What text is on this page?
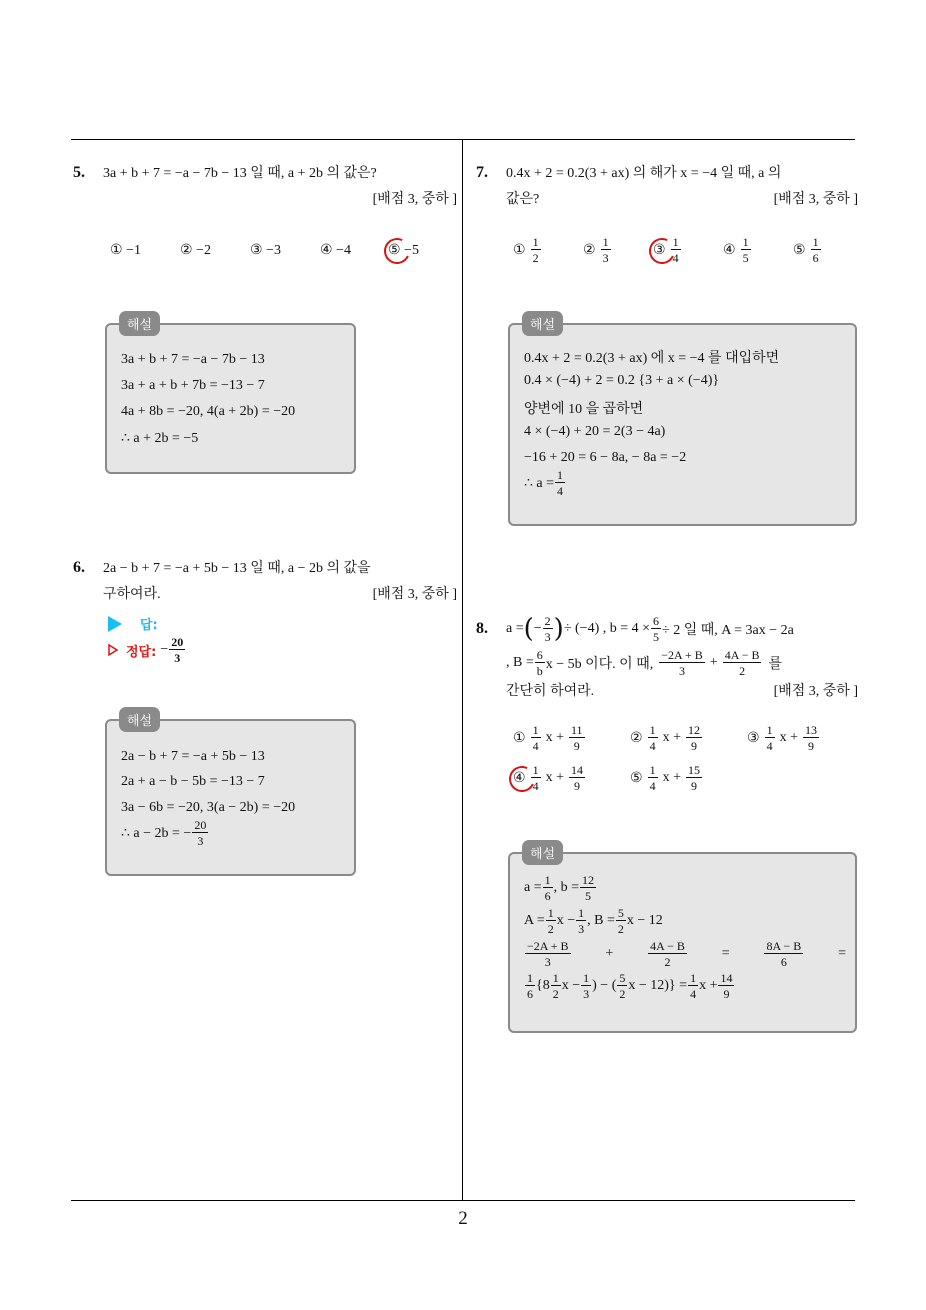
2
5. 3a + b + 7 = −a − 7b − 13 일 때, a + 2b 의 값은?
[배점 3, 중하 ]
① −1	② −2	③ −3	④ −4	⑤ −5
해설
3a + b + 7 = −a − 7b − 13
3a + a + b + 7b = −13 − 7
4a + 8b = −20, 4(a + 2b) = −20
∴ a + 2b = −5
6. 2a − b + 7 = −a + 5b − 13 일 때, a − 2b 의 값을
구하여라.	[배점 3, 중하 ]
답:
정답: − $\frac{20}{3}$
해설
2a − b + 7 = −a + 5b − 13
2a + a − b − 5b = −13 − 7
3a − 6b = −20, 3(a − 2b) = −20
∴ a − 2b = − $\frac{20}{3}$
7. 0.4x + 2 = 0.2(3 + ax) 의 해가 x = −4 일 때, a 의
값은?	[배점 3, 중하 ]
① $\frac{1}{2}$	② $\frac{1}{3}$	③ $\frac{1}{4}$	④ $\frac{1}{5}$	⑤ $\frac{1}{6}$
해설
0.4x + 2 = 0.2(3 + ax) 에 x = −4 를 대입하면
0.4 × (−4) + 2 = 0.2 {3 + a × (−4)}
양변에 10 을 곱하면
4 × (−4) + 20 = 2(3 − 4a)
−16 + 20 = 6 − 8a, − 8a = −2
∴ $a = \frac{1}{4}$
8.	a = ( − $\frac{2}{3}$ ) ÷ (−4) , $b = 4 \times \frac{6}{5} \div 2$ 일 때, A = 3ax − 2a
, $B = \frac{6}{b}$ x − 5b 이다. 이 때, $\frac{-2A + B}{3} + \frac{4A - B}{2}$ 를
간단히 하여라.	[배점 3, 중하 ]
① $\frac{1}{4}$ $x + \frac{11}{9}$	② $\frac{1}{4}$ $x + \frac{12}{9}$	③ $\frac{1}{4}$ $x + \frac{13}{9}$
④ $\frac{1}{4}$ $x + \frac{14}{9}$	⑤ $\frac{1}{4}$ $x + \frac{15}{9}$
해설
$a = \frac{1}{6}$ , $b = \frac{12}{5}$
$A = \frac{1}{2}$ $x - \frac{1}{3}$ , $B = \frac{5}{2}$ x − 12
$\frac{-2A + B}{3}$ +	$\frac{4A - B}{2}$ =	$\frac{8A - B}{6}$ =
$\frac{1}{6} \{8 \frac{1}{2}$ $x - \frac{1}{3}$ ) − ( $\frac{5}{2}$ $x - 12)\} = \frac{1}{4}$ $x + \frac{14}{9}$
